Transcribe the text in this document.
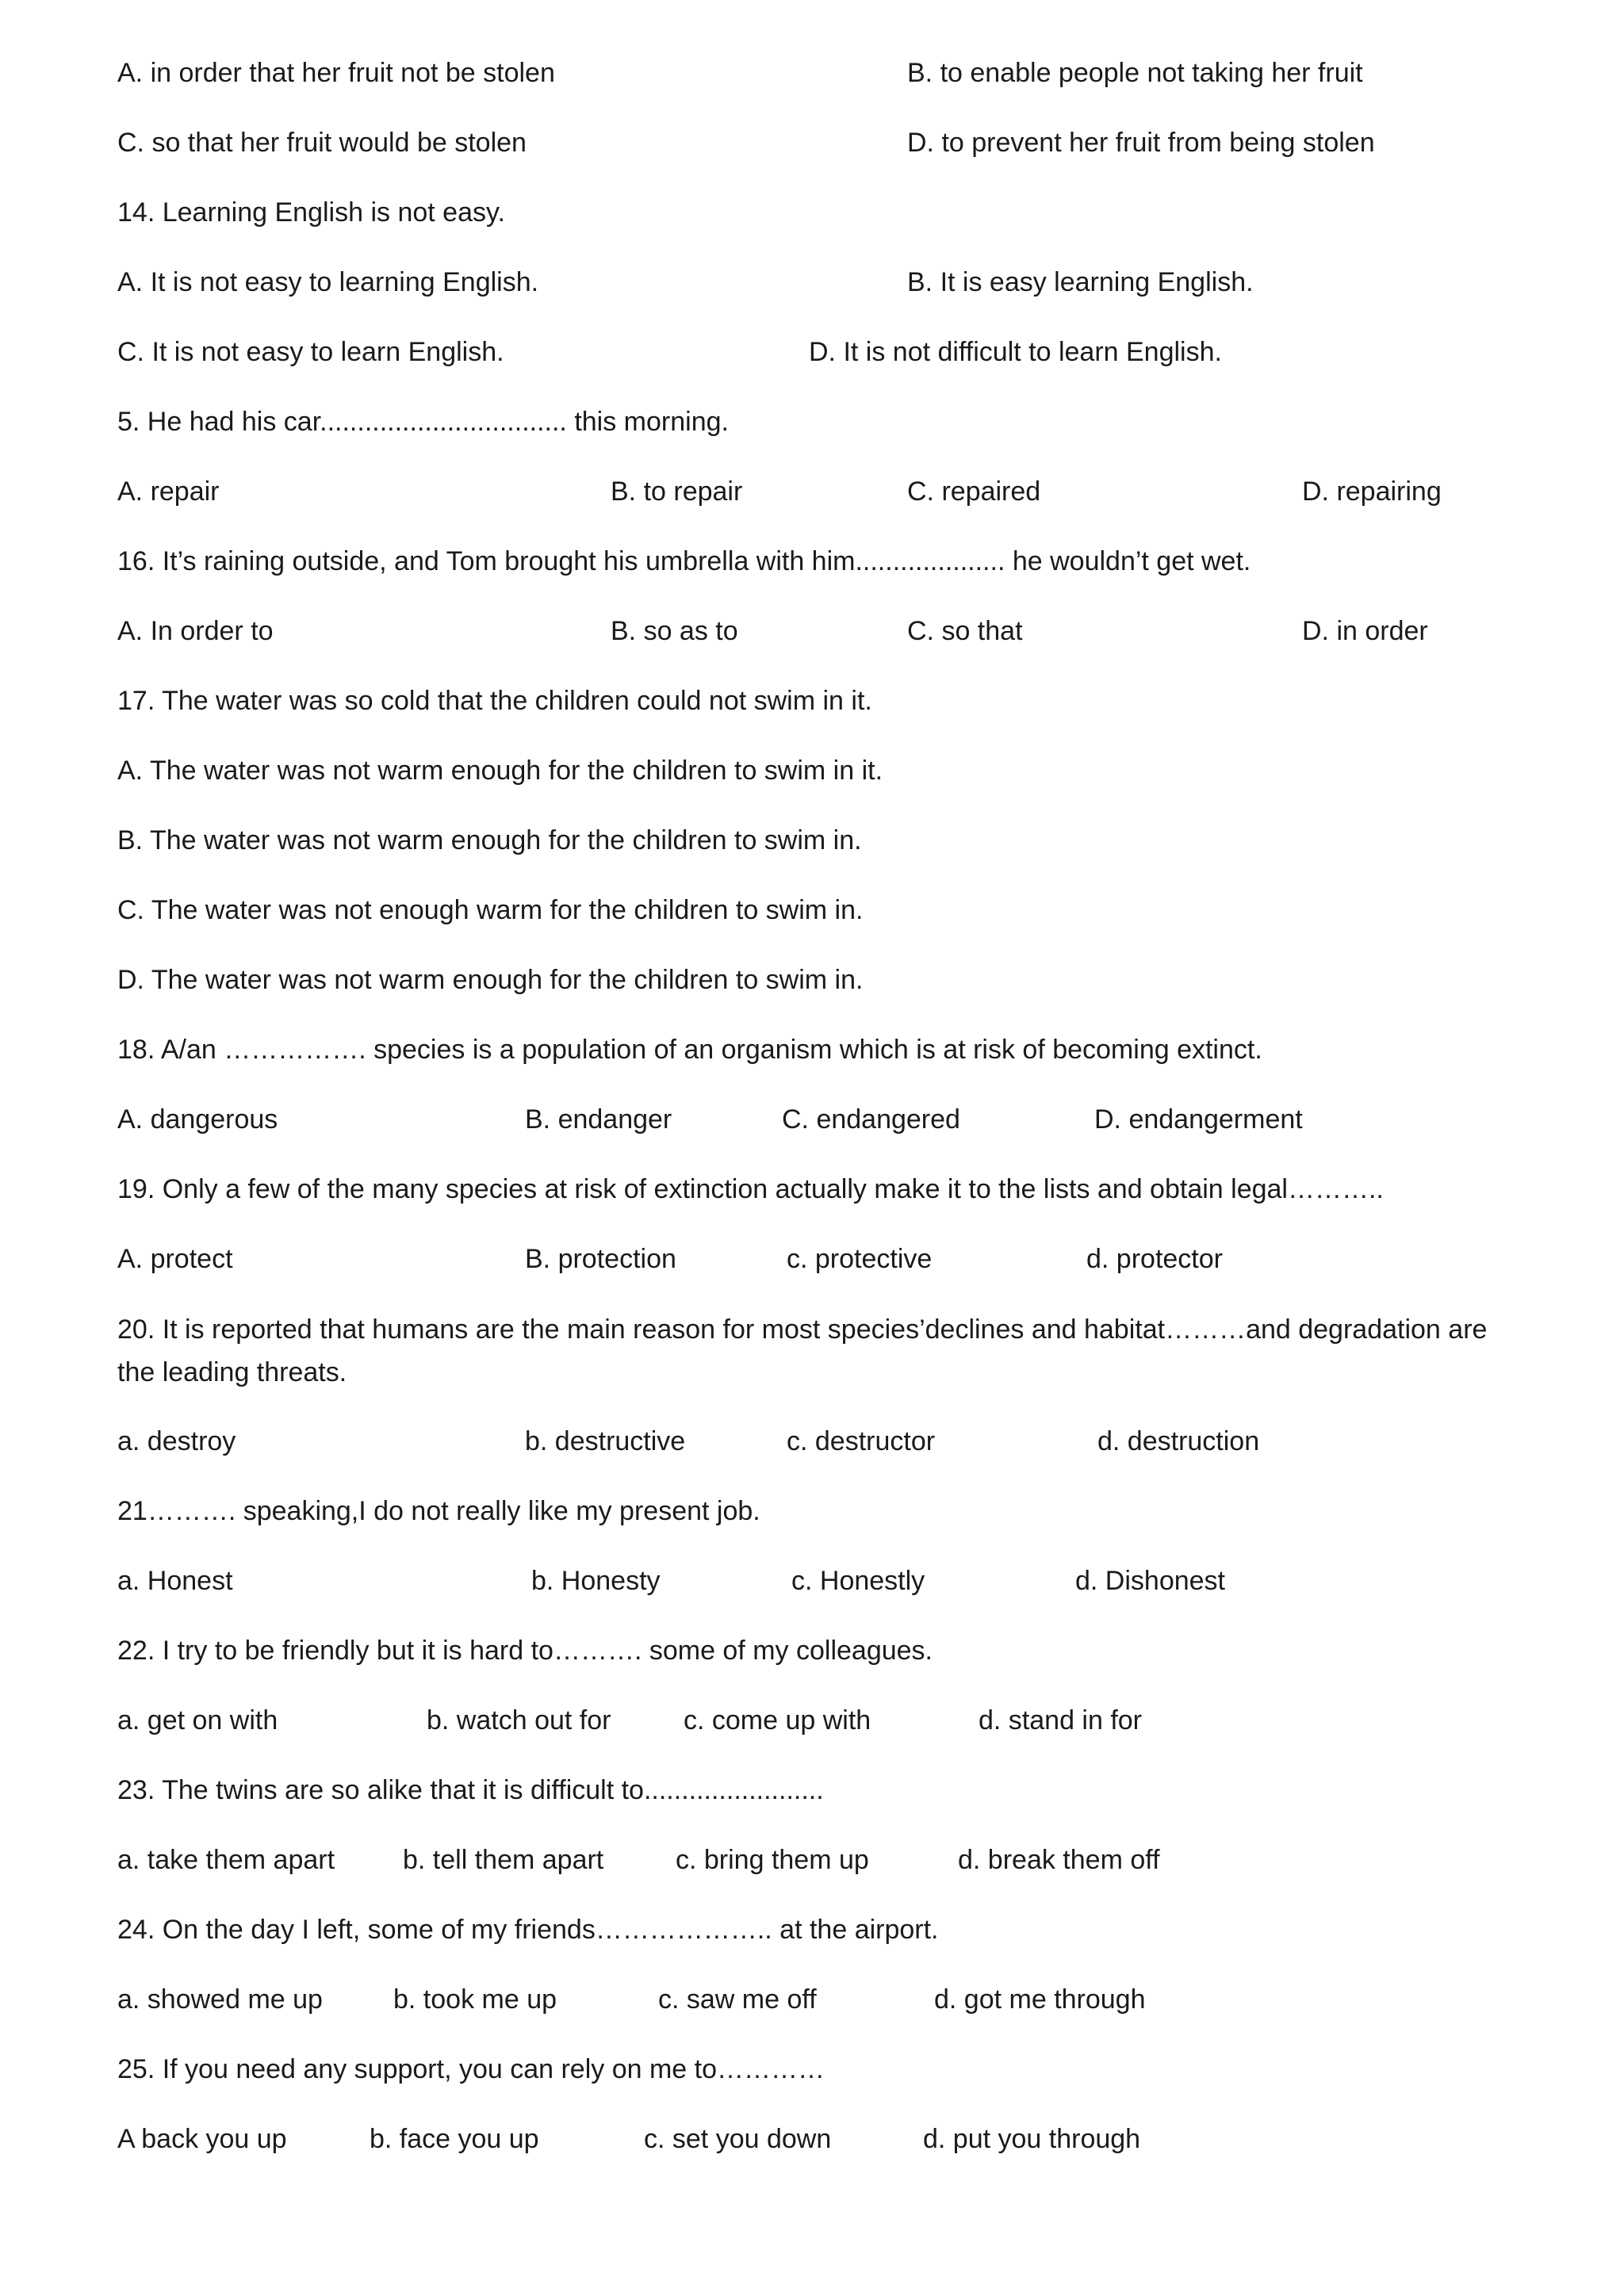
A. in order that her fruit not be stolen	B. to enable people not taking her fruit
C. so that her fruit would be stolen	D. to prevent her fruit from being stolen
14. Learning English is not easy.
A. It is not easy to learning English.	B. It is easy learning English.
C. It is not easy to learn English.	D. It is not difficult to learn English.
5. He had his car................................. this morning.
A. repair	B. to repair	C. repaired	D. repairing
16. It’s raining outside, and Tom brought his umbrella with him.................... he wouldn’t get wet.
A. In order to	B. so as to	C. so that	D. in order
17. The water was so cold that the children could not swim in it.
A. The water was not warm enough for the children to swim in it.
B. The water was not warm enough for the children to swim in.
C. The water was not enough warm for the children to swim in.
D. The water was not warm enough for the children to swim in.
18. A/an ……………. species is a population of an organism which is at risk of becoming extinct.
A. dangerous	B. endanger	C. endangered	D. endangerment
19. Only a few of the many species at risk of extinction actually make it to the lists and obtain legal………..
A. protect	B. protection	c. protective	d. protector
20. It is reported that humans are the main reason for most species’declines and habitat………and degradation are the leading threats.
a. destroy	b. destructive	c. destructor	d. destruction
21………. speaking,I do not really like my present job.
a. Honest	b. Honesty	c. Honestly	d. Dishonest
22. I try to be friendly but it is hard to………. some of my colleagues.
a. get on with	b. watch out for	c. come up with	d. stand in for
23. The twins are so alike that it is difficult to........................
a. take them apart	b. tell them apart	c. bring them up	d. break them off
24. On the day I left, some of my friends……………….. at the airport.
a. showed me up	b. took me up	c. saw me off	d. got me through
25. If you need any support, you can rely on me to…………
A back you up	b. face you up	c. set you down	d. put you through
